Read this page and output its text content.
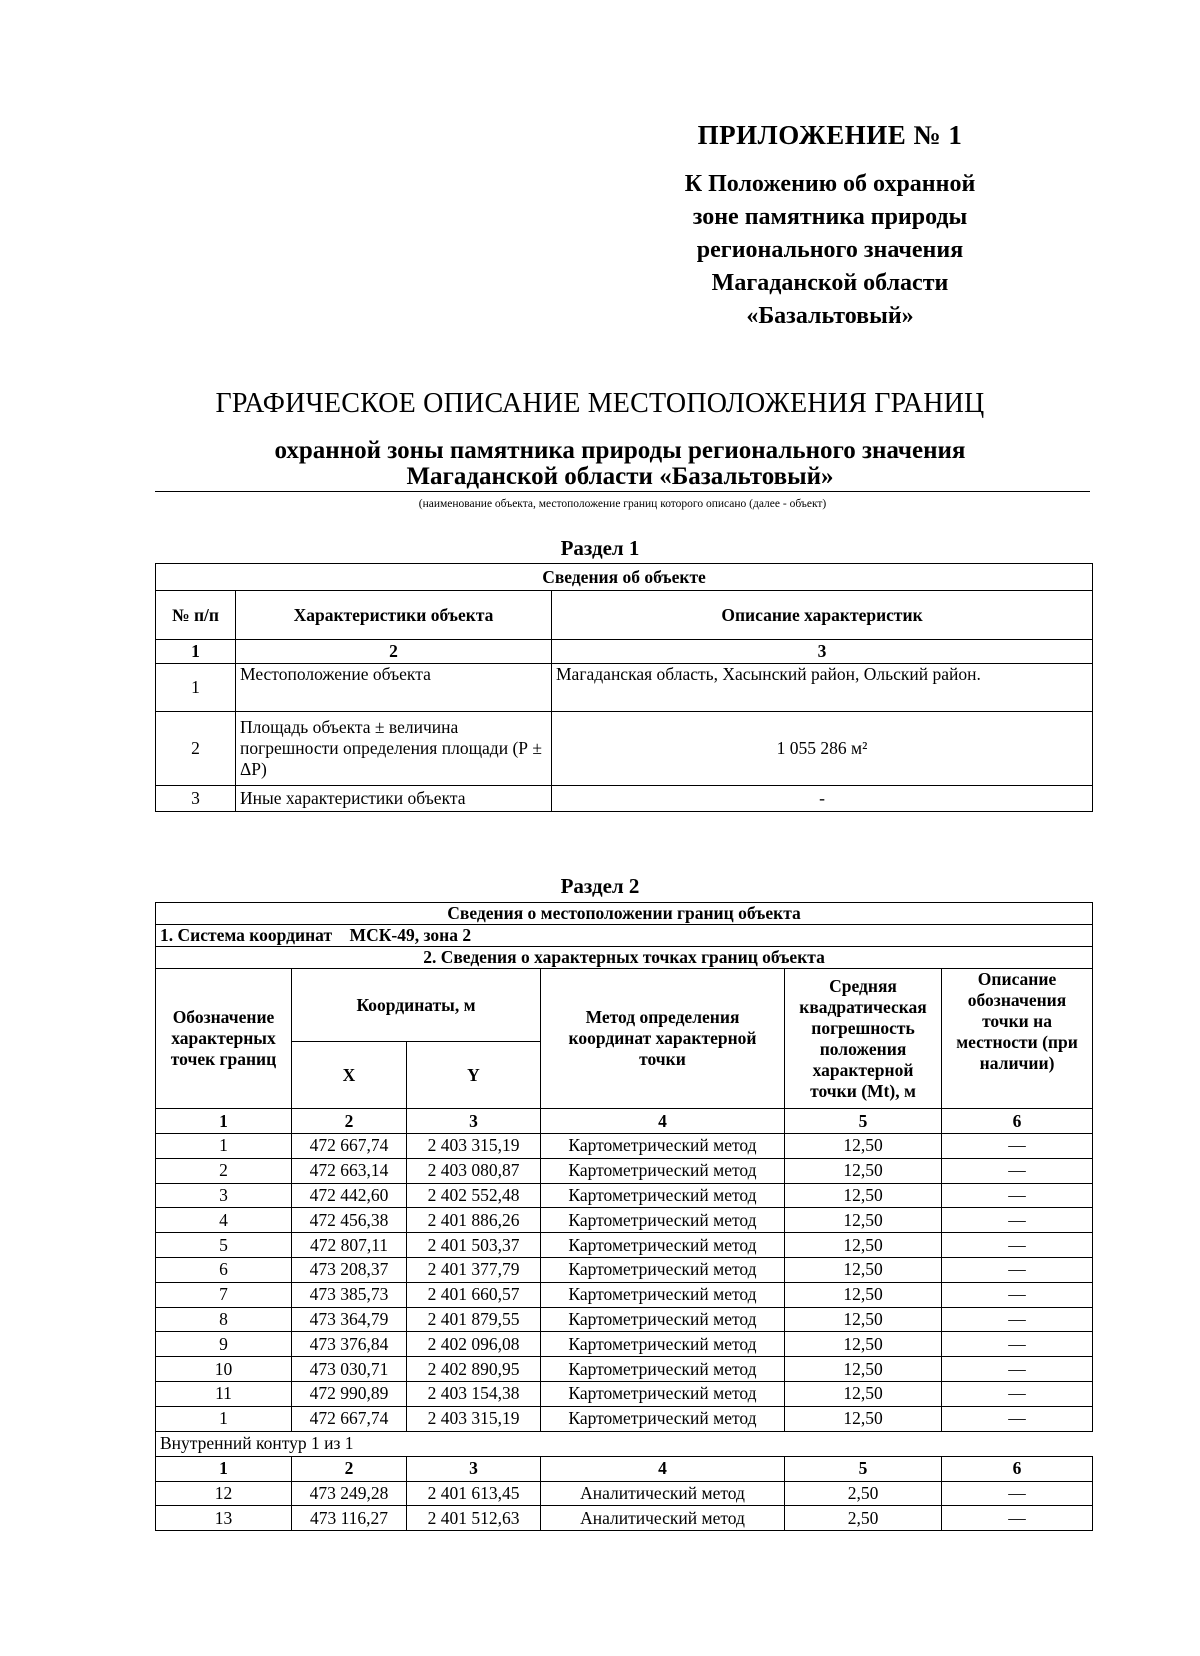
ПРИЛОЖЕНИЕ № 1
К Положению об охранной
зоне памятника природы
регионального значения
Магаданской области
«Базальтовый»
ГРАФИЧЕСКОЕ ОПИСАНИЕ МЕСТОПОЛОЖЕНИЯ ГРАНИЦ
охранной зоны памятника природы регионального значения
Магаданской области «Базальтовый»
(наименование объекта, местоположение границ которого описано (далее - объект)
Раздел 1
Сведения об объекте		
№ п/п	Характеристики объекта	Описание характеристик
1	2	3
1	Местоположение объекта	Магаданская область, Хасынский район, Ольский район.
2	Площадь объекта ± величина погрешности определения площади (Р ± ΔР)	1 055 286 м²
3	Иные характеристики объекта	-
Раздел 2
Сведения о местоположении границ объекта					
1. Система координат МСК-49, зона 2					
2. Сведения о характерных точках границ объекта					
Обозначение характерных точек границ	Координаты, м		Метод определения координат характерной точки	Средняя квадратическая погрешность положения характерной точки (Mt), м	Описание обозначения точки на местности (при наличии)
	X	Y			
1	2	3	4	5	6
1	472 667,74	2 403 315,19	Картометрический метод	12,50	—
2	472 663,14	2 403 080,87	Картометрический метод	12,50	—
3	472 442,60	2 402 552,48	Картометрический метод	12,50	—
4	472 456,38	2 401 886,26	Картометрический метод	12,50	—
5	472 807,11	2 401 503,37	Картометрический метод	12,50	—
6	473 208,37	2 401 377,79	Картометрический метод	12,50	—
7	473 385,73	2 401 660,57	Картометрический метод	12,50	—
8	473 364,79	2 401 879,55	Картометрический метод	12,50	—
9	473 376,84	2 402 096,08	Картометрический метод	12,50	—
10	473 030,71	2 402 890,95	Картометрический метод	12,50	—
11	472 990,89	2 403 154,38	Картометрический метод	12,50	—
1	472 667,74	2 403 315,19	Картометрический метод	12,50	—
Внутренний контур 1 из 1					
1	2	3	4	5	6
12	473 249,28	2 401 613,45	Аналитический метод	2,50	—
13	473 116,27	2 401 512,63	Аналитический метод	2,50	—
